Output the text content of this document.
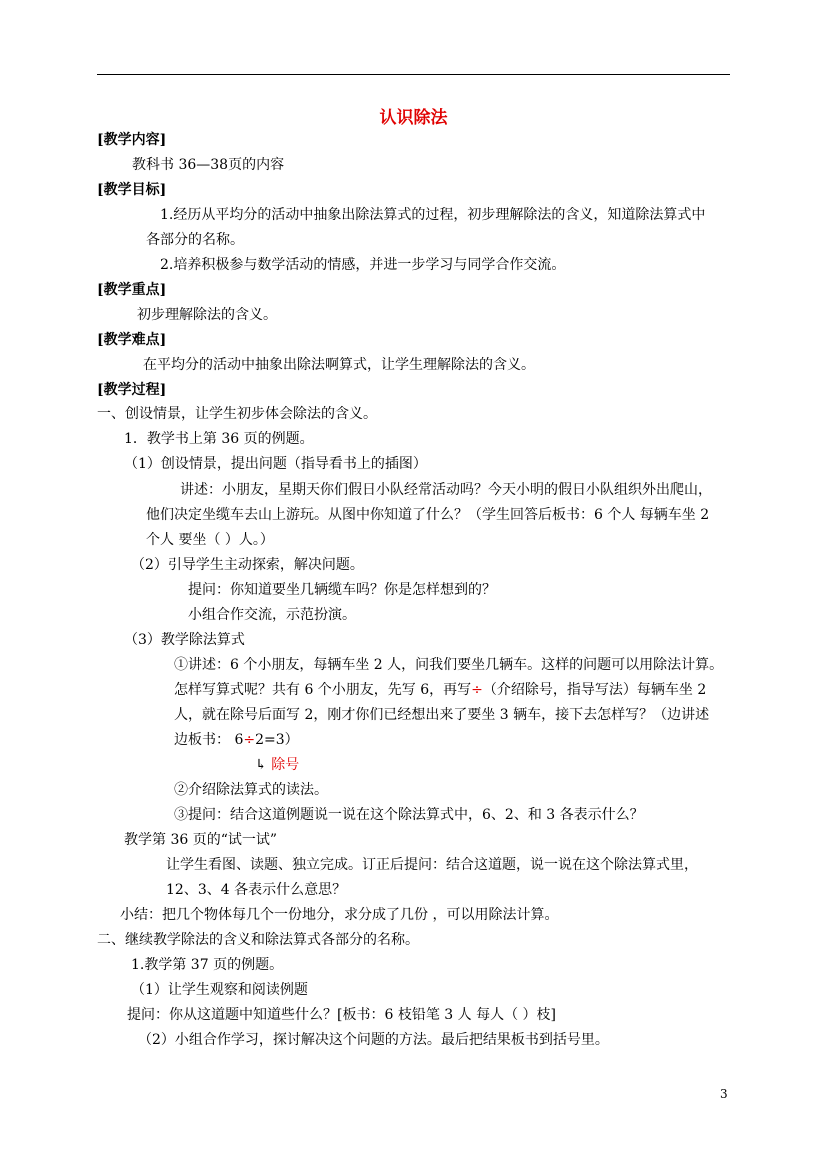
认识除法
[教学内容]
教科书 36—38页的内容
[教学目标]
1.经历从平均分的活动中抽象出除法算式的过程，初步理解除法的含义，知道除法算式中
各部分的名称。
2.培养积极参与数学活动的情感，并进一步学习与同学合作交流。
[教学重点]
初步理解除法的含义。
[教学难点]
在平均分的活动中抽象出除法啊算式，让学生理解除法的含义。
[教学过程]
一、创设情景，让学生初步体会除法的含义。
1．教学书上第 36 页的例题。
（1）创设情景，提出问题（指导看书上的插图）
讲述：小朋友，星期天你们假日小队经常活动吗？今天小明的假日小队组织外出爬山，
他们决定坐缆车去山上游玩。从图中你知道了什么？（学生回答后板书：6 个人 每辆车坐 2
个人 要坐（ ）人。）
（2）引导学生主动探索，解决问题。
提问：你知道要坐几辆缆车吗？你是怎样想到的？
小组合作交流，示范扮演。
（3）教学除法算式
①讲述：6 个小朋友，每辆车坐 2 人，问我们要坐几辆车。这样的问题可以用除法计算。
怎样写算式呢？共有 6 个小朋友，先写 6，再写÷（介绍除号，指导写法）每辆车坐 2
人，就在除号后面写 2，刚才你们已经想出来了要坐 3 辆车，接下去怎样写？（边讲述
边板书： 6÷2=3）
↳ 除号
②介绍除法算式的读法。
③提问：结合这道例题说一说在这个除法算式中，6、2、和 3 各表示什么？
教学第 36 页的“试一试”
让学生看图、读题、独立完成。订正后提问：结合这道题，说一说在这个除法算式里，
12、3、4 各表示什么意思？
小结：把几个物体每几个一份地分，求分成了几份 ，可以用除法计算。
二、继续教学除法的含义和除法算式各部分的名称。
1.教学第 37 页的例题。
（1）让学生观察和阅读例题
提问：你从这道题中知道些什么？[板书：6 枝铅笔 3 人 每人（ ）枝]
（2）小组合作学习，探讨解决这个问题的方法。最后把结果板书到括号里。
3
